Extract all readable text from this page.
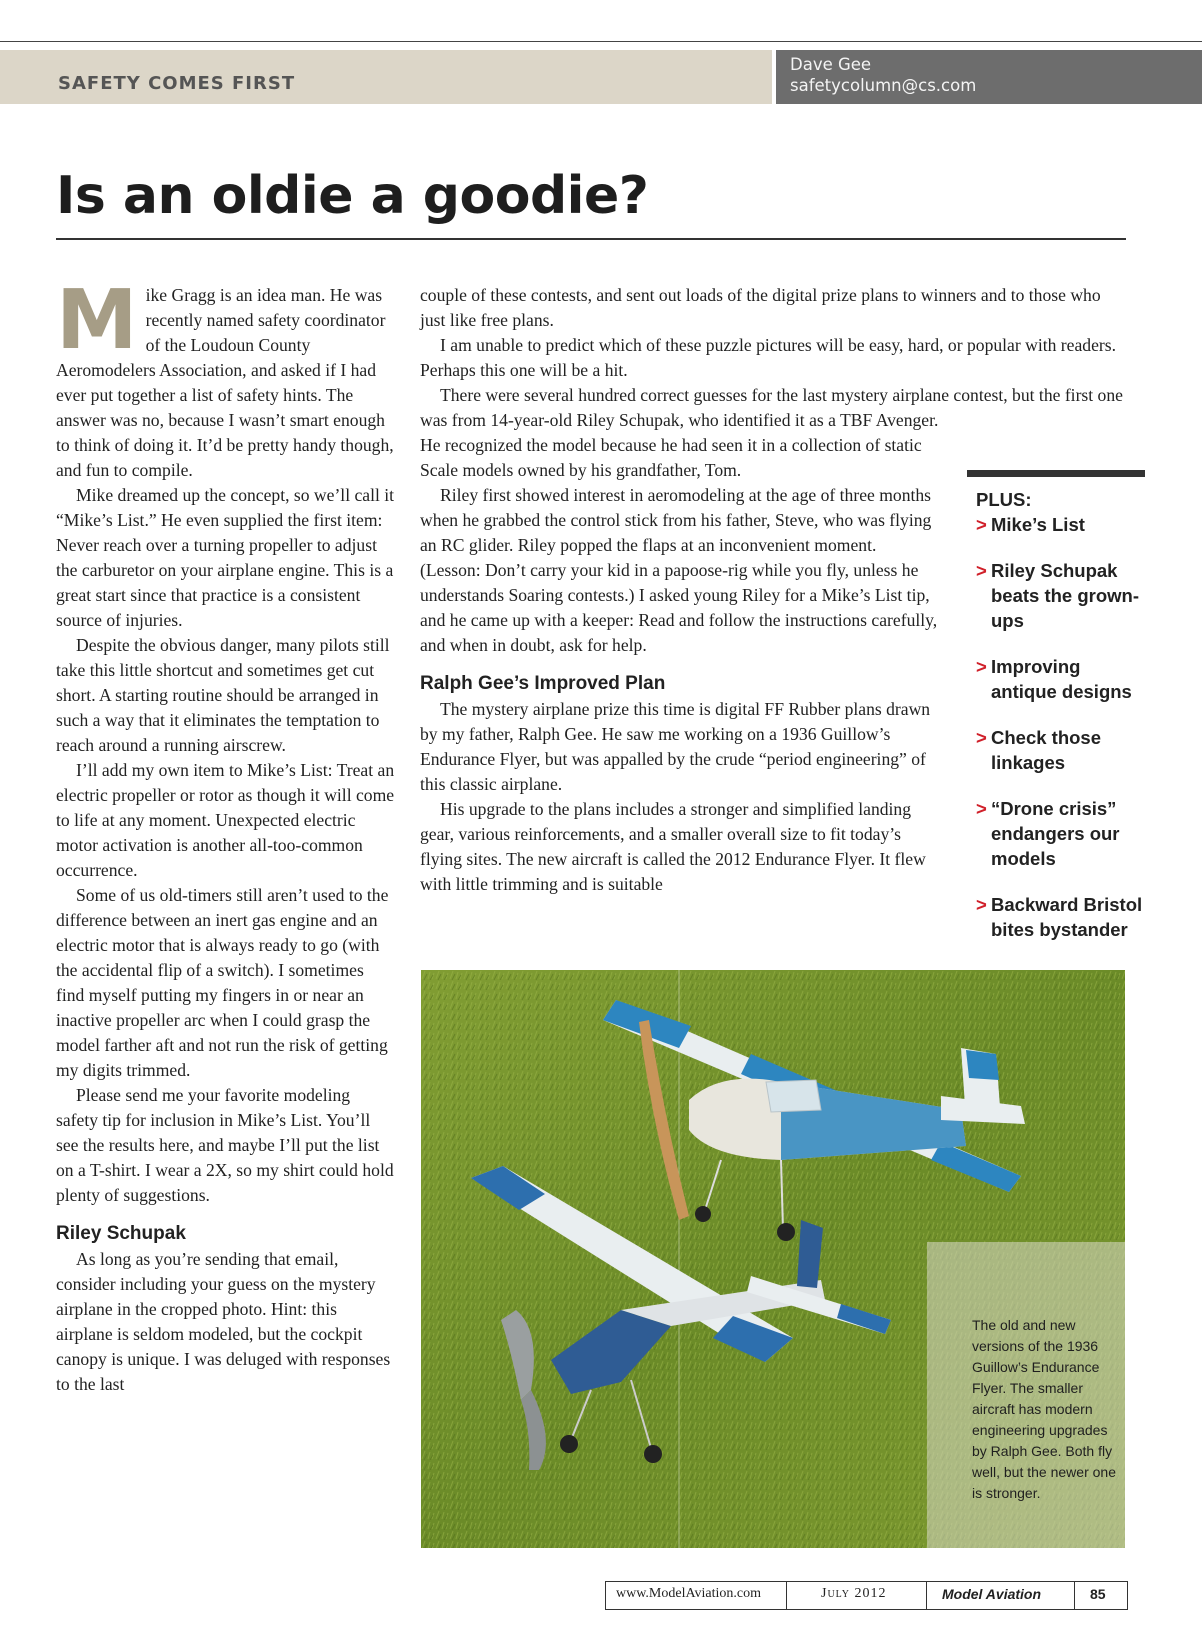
SAFETY COMES FIRST
Dave Gee
safetycolumn@cs.com
Is an oldie a goodie?
M ike Gragg is an idea man. He was recently named safety coordinator of the Loudoun County Aeromodelers Association, and asked if I had ever put together a list of safety hints. The answer was no, because I wasn’t smart enough to think of doing it. It’d be pretty handy though, and fun to compile.

Mike dreamed up the concept, so we’ll call it “Mike’s List.” He even supplied the first item: Never reach over a turning propeller to adjust the carburetor on your airplane engine. This is a great start since that practice is a consistent source of injuries.

Despite the obvious danger, many pilots still take this little shortcut and sometimes get cut short. A starting routine should be arranged in such a way that it eliminates the temptation to reach around a running airscrew.

I’ll add my own item to Mike’s List: Treat an electric propeller or rotor as though it will come to life at any moment. Unexpected electric motor activation is another all-too-common occurrence.

Some of us old-timers still aren’t used to the difference between an inert gas engine and an electric motor that is always ready to go (with the accidental flip of a switch). I sometimes find myself putting my fingers in or near an inactive propeller arc when I could grasp the model farther aft and not run the risk of getting my digits trimmed.

Please send me your favorite modeling safety tip for inclusion in Mike’s List. You’ll see the results here, and maybe I’ll put the list on a T-shirt. I wear a 2X, so my shirt could hold plenty of suggestions.

Riley Schupak

As long as you’re sending that email, consider including your guess on the mystery airplane in the cropped photo. Hint: this airplane is seldom modeled, but the cockpit canopy is unique. I was deluged with responses to the last

couple of these contests, and sent out loads of the digital prize plans to winners and to those who just like free plans.

I am unable to predict which of these puzzle pictures will be easy, hard, or popular with readers. Perhaps this one will be a hit.

There were several hundred correct guesses for the last mystery airplane contest, but the first one was from 14-year-old Riley Schupak, who identified it as a TBF Avenger. He recognized the model because he had seen it in a collection of static Scale models owned by his grandfather, Tom.

Riley first showed interest in aeromodeling at the age of three months when he grabbed the control stick from his father, Steve, who was flying an RC glider. Riley popped the flaps at an inconvenient moment. (Lesson: Don’t carry your kid in a papoose-rig while you fly, unless he understands Soaring contests.) I asked young Riley for a Mike’s List tip, and he came up with a keeper: Read and follow the instructions carefully, and when in doubt, ask for help.

Ralph Gee’s Improved Plan

The mystery airplane prize this time is digital FF Rubber plans drawn by my father, Ralph Gee. He saw me working on a 1936 Guillow’s Endurance Flyer, but was appalled by the crude “period engineering” of this classic airplane.

His upgrade to the plans includes a stronger and simplified landing gear, various reinforcements, and a smaller overall size to fit today’s flying sites. The new aircraft is called the 2012 Endurance Flyer. It flew with little trimming and is suitable

PLUS:
> Mike’s List
> Riley Schupak beats the grown-ups
> Improving antique designs
> Check those linkages
> “Drone crisis” endangers our models
> Backward Bristol bites bystander
The old and new versions of the 1936 Guillow’s Endurance Flyer. The smaller aircraft has modern engineering upgrades by Ralph Gee. Both fly well, but the newer one is stronger.
www.ModelAviation.com	July 2012	Model Aviation	85
